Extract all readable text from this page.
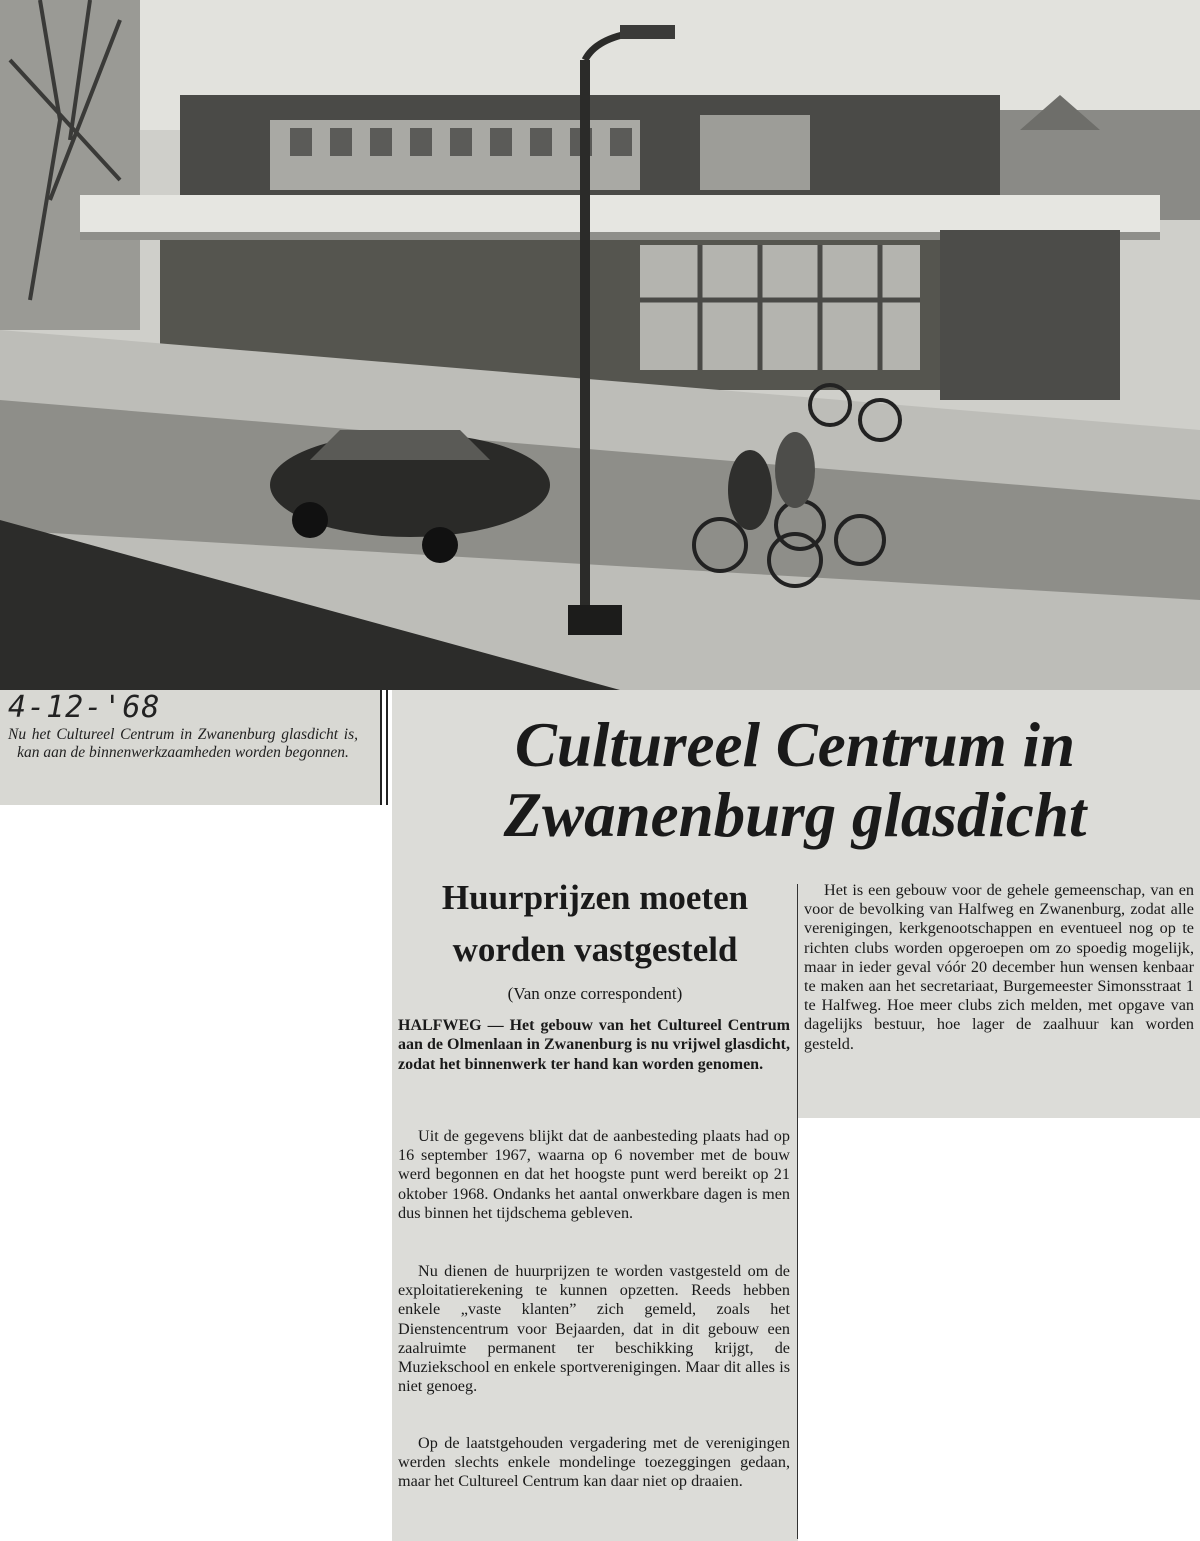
4-12-'68
Nu het Cultureel Centrum in Zwanenburg glasdicht is, kan aan de binnenwerkzaamheden worden begonnen.	Cultureel Centrum in Zwanenburg glasdicht
Huurprijzen moeten worden vastgesteld
(Van onze correspondent)

HALFWEG — Het gebouw van het Cultureel Centrum aan de Olmenlaan in Zwanenburg is nu vrijwel glasdicht, zodat het binnenwerk ter hand kan worden genomen.

Uit de gegevens blijkt dat de aanbesteding plaats had op 16 september 1967, waarna op 6 november met de bouw werd begonnen en dat het hoogste punt werd bereikt op 21 oktober 1968. Ondanks het aantal onwerkbare dagen is men dus binnen het tijdschema gebleven.

Nu dienen de huurprijzen te worden vastgesteld om de exploitatierekening te kunnen opzetten. Reeds hebben enkele „vaste klanten” zich gemeld, zoals het Dienstencentrum voor Bejaarden, dat in dit gebouw een zaalruimte permanent ter beschikking krijgt, de Muziekschool en enkele sportverenigingen. Maar dit alles is niet genoeg.

Op de laatstgehouden vergadering met de verenigingen werden slechts enkele mondelinge toezeggingen gedaan, maar het Cultureel Centrum kan daar niet op draaien.

Het is een gebouw voor de gehele gemeenschap, van en voor de bevolking van Halfweg en Zwanenburg, zodat alle verenigingen, kerkgenootschappen en eventueel nog op te richten clubs worden opgeroepen om zo spoedig mogelijk, maar in ieder geval vóór 20 december hun wensen kenbaar te maken aan het secretariaat, Burgemeester Simonsstraat 1 te Halfweg. Hoe meer clubs zich melden, met opgave van dagelijks bestuur, hoe lager de zaalhuur kan worden gesteld.
